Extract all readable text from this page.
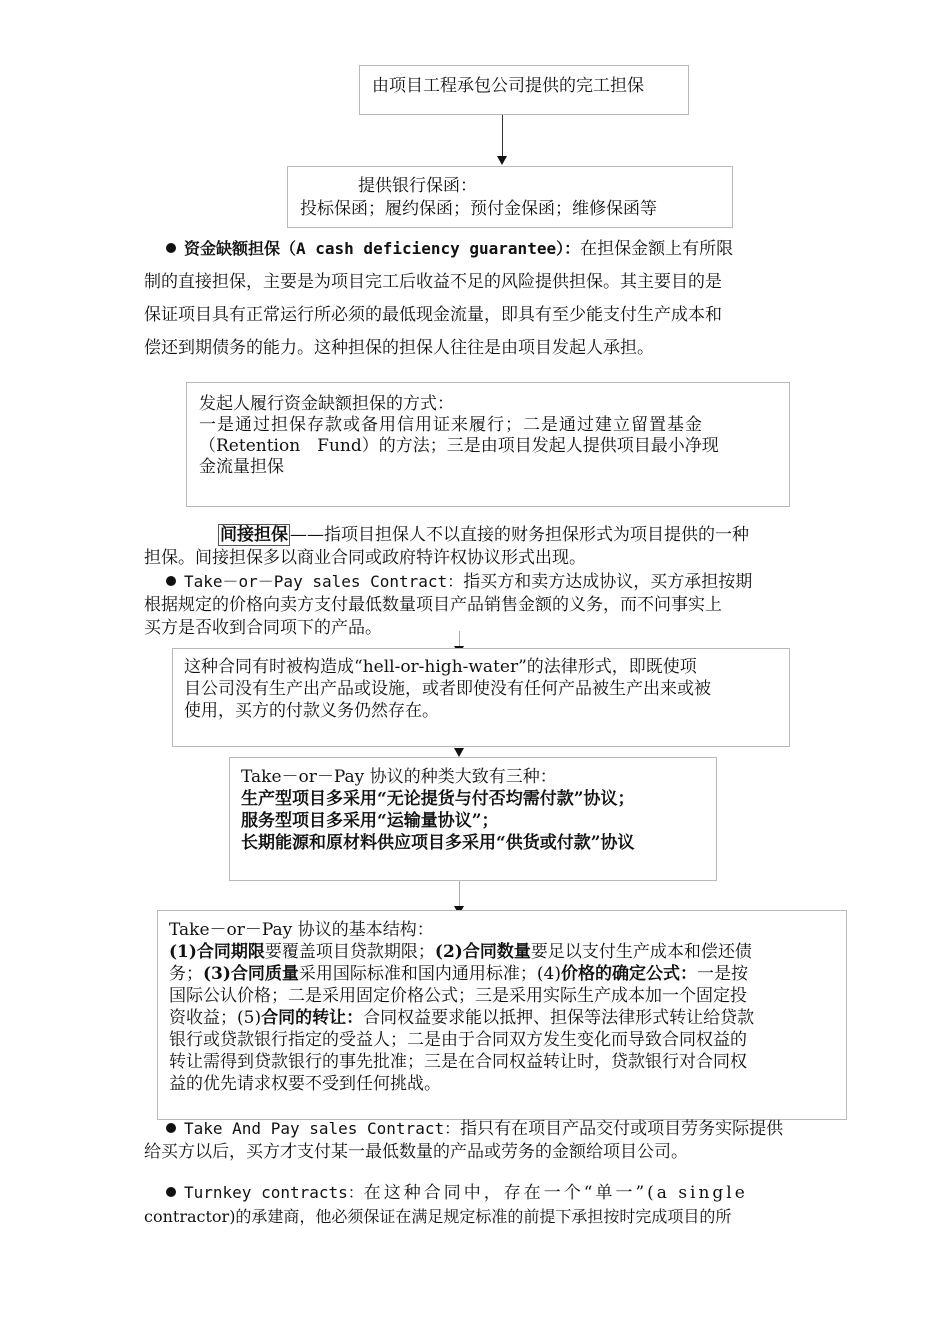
由项目工程承包公司提供的完工担保
提供银行保函：
投标保函；履约保函；预付金保函；维修保函等
资金缺额担保（A cash deficiency guarantee）：在担保金额上有所限
制的直接担保，主要是为项目完工后收益不足的风险提供担保。其主要目的是
保证项目具有正常运行所必须的最低现金流量，即具有至少能支付生产成本和
偿还到期债务的能力。这种担保的担保人往往是由项目发起人承担。
发起人履行资金缺额担保的方式：
一是通过担保存款或备用信用证来履行；二是通过建立留置基金
（Retention　Fund）的方法；三是由项目发起人提供项目最小净现
金流量担保
间接担保 ——指项目担保人不以直接的财务担保形式为项目提供的一种
担保。间接担保多以商业合同或政府特许权协议形式出现。
Take－or－Pay sales Contract：指买方和卖方达成协议，买方承担按期
根据规定的价格向卖方支付最低数量项目产品销售金额的义务，而不问事实上
买方是否收到合同项下的产品。
这种合同有时被构造成“hell-or-high-water”的法律形式，即既使项
目公司没有生产出产品或设施，或者即使没有任何产品被生产出来或被
使用，买方的付款义务仍然存在。
Take－or－Pay 协议的种类大致有三种：
生产型项目多采用“无论提货与付否均需付款”协议；
服务型项目多采用“运输量协议”；
长期能源和原材料供应项目多采用“供货或付款”协议
Take－or－Pay 协议的基本结构：
(1)合同期限要覆盖项目贷款期限；(2)合同数量要足以支付生产成本和偿还债
务；(3)合同质量采用国际标准和国内通用标准；(4)价格的确定公式：一是按
国际公认价格；二是采用固定价格公式；三是采用实际生产成本加一个固定投
资收益；(5)合同的转让：合同权益要求能以抵押、担保等法律形式转让给贷款
银行或贷款银行指定的受益人；二是由于合同双方发生变化而导致合同权益的
转让需得到贷款银行的事先批准；三是在合同权益转让时，贷款银行对合同权
益的优先请求权要不受到任何挑战。
Take And Pay sales Contract：指只有在项目产品交付或项目劳务实际提供
给买方以后，买方才支付某一最低数量的产品或劳务的金额给项目公司。
Turnkey contracts：在这种合同中，存在一个“单一”(a single
contractor)的承建商，他必须保证在满足规定标准的前提下承担按时完成项目的所
